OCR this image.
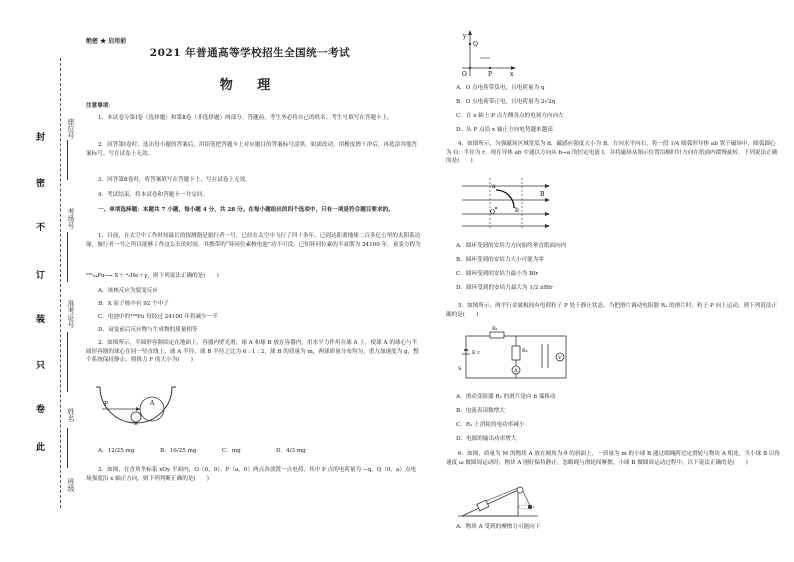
封
密
不
订
装
只
卷
此
座位号
考场号
准考证号
姓名
班级
绝密 ★ 启用前
2021 年普通高等学校招生全国统一考试
物 理
注意事项：
1．本试卷分第Ⅰ卷（选择题）和第Ⅱ卷（非选择题）两部分。答题前，考生务必将自己的姓名、考生号填写在答题卡上。
2．回答第Ⅰ卷时，选出每小题的答案后，用铅笔把答题卡上对应题目的答案标号涂黑，如需改动，用橡皮擦干净后，再选涂其他答案标号。写在试卷上无效。
3．回答第Ⅱ卷时，将答案填写在答题卡上，写在试卷上无效。
4．考试结束，将本试卷和答题卡一并交回。
一、单项选择题：本题共 7 小题，每小题 4 分，共 28 分。在每小题给出的四个选项中，只有一项是符合题目要求的。
1．目前，在太空中工作时间最长的探测器是旅行者一号，已经在太空中飞行了四十多年，已到达距离地球二百多亿公里的太阳系边缘，旅行者一号之所以能够工作这么长的时间，其携带的“钚同位素核电池”功不可没，已知钚同位素的半衰期为 24100 年，衰变方程为
²³⁹₉₄Pu⟶ X＋ ⁴₂He＋γ，则下列说法正确的是(　　)
A．该核反应为裂变反应
B．X 原子核中有 92 个中子
C．电池中的²³⁹Pu 每经过 24100 年将减少一半
D．衰变前后反应物与生成物的质量相等
2．如图所示，半圆形容器固定在地面上，容器内壁光滑，球 A 和球 B 放在容器内，用水平力作用在球 A 上，使球 A 的球心与半圆形容器的球心在同一竖直线上，球 A 半径、球 B 半径之比为 6 : 1 : 2，球 B 的质量为 m，两球质量分布均匀，重力加速度为 g，整个系统保持静止，则推力 F 的大小为(　　)
F	A
B
A．12/25 mg	B．16/25 mg	C．mg	D．4/3 mg
3．如图，在直角坐标系 xOy 平面内，O（0，0）、P（a，0）两点各放置一点电荷，其中 P 点的电荷量为 −q，Q（0，a）点电场强度沿 x 轴正方向，则下列判断正确的是(　　)
y
x
O	P
Q
A．O 点电荷带负电，且电荷量为 q
B．O 点电荷带正电，且电荷量为 2√2q
C．在 x 轴上 P 点左侧各点的电场方向向左
D．从 P 点沿 x 轴正方向电势越来越高
4．如图所示，匀强磁场区域宽度为 d，磁感应强度大小为 B，方向水平向右，将一段 1/4 圆弧形导体 ab 置于磁场中，圆弧圆心为 O，半径为 r。现在导体 ab 中通以方向从 b→a 的恒定电流 I，并将磁场从图示位置沿顺时针方向在纸面内缓慢旋转，下列说法正确的是(　　)
a
b
O
B
A．圆环受到的安培力方向始终垂直纸面向内
B．圆环受到的安培力大小可能为零
C．圆环受到的安培力最小为 BIr
D．圆环受到的安培力最大为 1/2 πBIr
5．如图所示，两平行金属板间有电荷粒子 P 处于静止状态，当把滑片调动电阻器 R₂ 的滑片时，粒子 P 向上运动，则下列说法正确的是(　　)
R₁
R₂
A
V
E r
S
A．滑动变阻器 R₂ 的滑片是向 b 端移动
B．电流表读数增大
C．R₁ 上消耗的电功率减小
D．电源的输出功率增大
6．如图，质量为 M 的物块 A 放在倾角为 θ 的斜面上，一质量为 m 的小球 B 通过细绳跨过定滑轮与物块 A 相连，当小球 B 以角速度 ω 做圆周运动时，物块 A 刚好保持静止。忽略绳与滑轮间摩擦，小球 B 做圆周运动过程中，以下说法正确的是(　　)
A．物块 A 受到的摩擦力可能向下
